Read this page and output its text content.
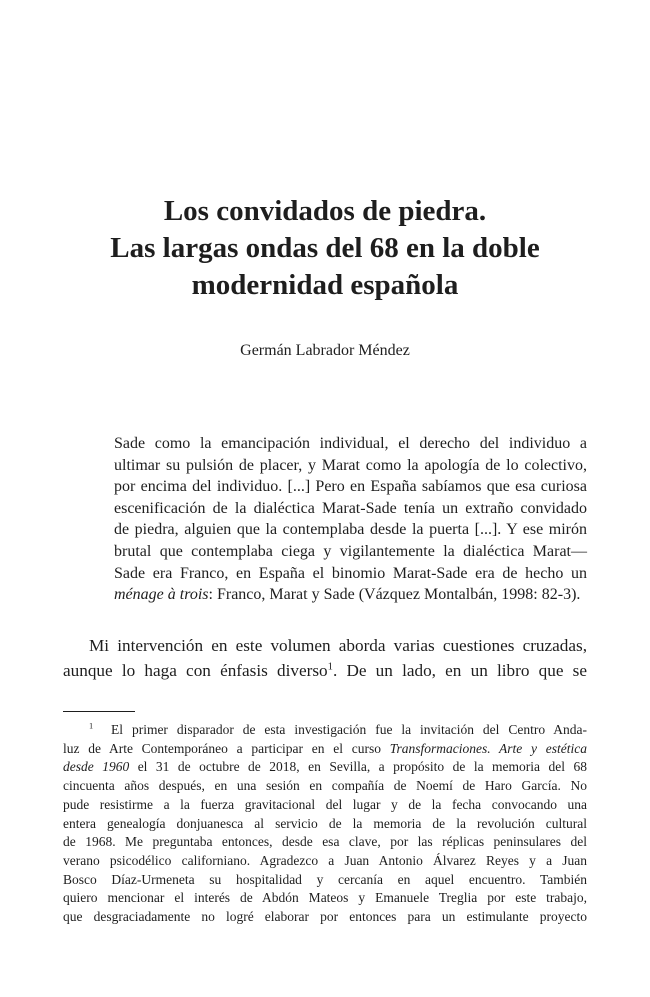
Los convidados de piedra.
Las largas ondas del 68 en la doble
modernidad española
Germán Labrador Méndez
Sade como la emancipación individual, el derecho del individuo a
ultimar su pulsión de placer, y Marat como la apología de lo colectivo,
por encima del individuo. [...] Pero en España sabíamos que esa curiosa
escenificación de la dialéctica Marat-Sade tenía un extraño convidado
de piedra, alguien que la contemplaba desde la puerta [...]. Y ese mirón
brutal que contemplaba ciega y vigilantemente la dialéctica Marat—
Sade era Franco, en España el binomio Marat-Sade era de hecho un
ménage à trois: Franco, Marat y Sade (Vázquez Montalbán, 1998: 82-3).
Mi intervención en este volumen aborda varias cuestiones cruzadas,
aunque lo haga con énfasis diverso$^1$. De un lado, en un libro que se
$^1$ El primer disparador de esta investigación fue la invitación del Centro Anda-
luz de Arte Contemporáneo a participar en el curso Transformaciones. Arte y estética
desde 1960 el 31 de octubre de 2018, en Sevilla, a propósito de la memoria del 68
cincuenta años después, en una sesión en compañía de Noemí de Haro García. No
pude resistirme a la fuerza gravitacional del lugar y de la fecha convocando una
entera genealogía donjuanesca al servicio de la memoria de la revolución cultural
de 1968. Me preguntaba entonces, desde esa clave, por las réplicas peninsulares del
verano psicodélico californiano. Agradezco a Juan Antonio Álvarez Reyes y a Juan
Bosco Díaz-Urmeneta su hospitalidad y cercanía en aquel encuentro. También
quiero mencionar el interés de Abdón Mateos y Emanuele Treglia por este trabajo,
que desgraciadamente no logré elaborar por entonces para un estimulante proyecto
